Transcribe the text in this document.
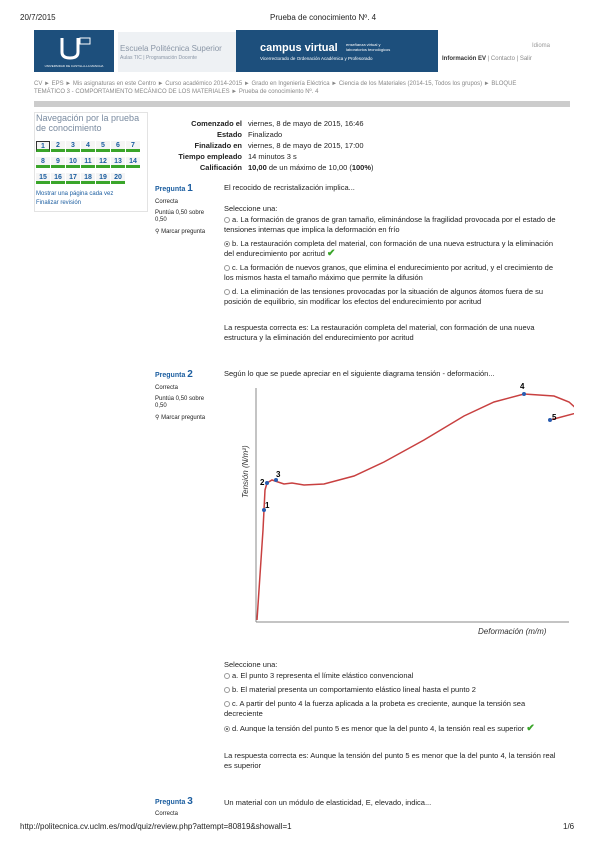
20/7/2015	Prueba de conocimiento Nº. 4
UNIVERSIDAD DE CASTILLA-LA MANCHA
Escuela Politécnica Superior
Aulas TIC | Programación Docente
campus virtual enseñanza virtual y
laboratorios tecnológicos
Vicerrectorado de Ordenación Académica y Profesorado
Idioma
Información EV | Contacto | Salir
CV ► EPS ► Mis asignaturas en este Centro ► Curso académico 2014-2015 ► Grado en Ingeniería Eléctrica ► Ciencia de los Materiales (2014-15, Todos los grupos) ► BLOQUE
TEMÁTICO 3 - COMPORTAMIENTO MECÁNICO DE LOS MATERIALES ► Prueba de conocimiento Nº. 4
Navegación por la prueba de conocimiento
1	2	3	4	5	6	7
8	9	10	11	12	13	14
15	16	17	18	19	20
Mostrar una página cada vez
Finalizar revisión
Comenzado el viernes, 8 de mayo de 2015, 16:46
Estado Finalizado
Finalizado en viernes, 8 de mayo de 2015, 17:00
Tiempo empleado 14 minutos 3 s
Calificación 10,00 de un máximo de 10,00 (100%)
Pregunta 1
Correcta
Puntúa 0,50 sobre 0,50
⚲ Marcar pregunta
El recocido de recristalización implica...
Seleccione una:
a. La formación de granos de gran tamaño, eliminándose la fragilidad provocada por el estado de tensiones internas que implica la deformación en frío
b. La restauración completa del material, con formación de una nueva estructura y la eliminación del endurecimiento por acritud ✔
c. La formación de nuevos granos, que elimina el endurecimiento por acritud, y el crecimiento de los mismos hasta el tamaño máximo que permite la difusión
d. La eliminación de las tensiones provocadas por la situación de algunos átomos fuera de su posición de equilibrio, sin modificar los efectos del endurecimiento por acritud
La respuesta correcta es: La restauración completa del material, con formación de una nueva estructura y la eliminación del endurecimiento por acritud
Pregunta 2
Correcta
Puntúa 0,50 sobre 0,50
⚲ Marcar pregunta
Según lo que se puede apreciar en el siguiente diagrama tensión - deformación...
1
2
3
4
5
Tensión (N/m²)
Deformación (m/m)
Seleccione una:
a. El punto 3 representa el límite elástico convencional
b. El material presenta un comportamiento elástico lineal hasta el punto 2
c. A partir del punto 4 la fuerza aplicada a la probeta es creciente, aunque la tensión sea decreciente
d. Aunque la tensión del punto 5 es menor que la del punto 4, la tensión real es superior ✔
La respuesta correcta es: Aunque la tensión del punto 5 es menor que la del punto 4, la tensión real es superior
Pregunta 3
Correcta
Un material con un módulo de elasticidad, E, elevado, indica...
http://politecnica.cv.uclm.es/mod/quiz/review.php?attempt=80819&showall=1	1/6
